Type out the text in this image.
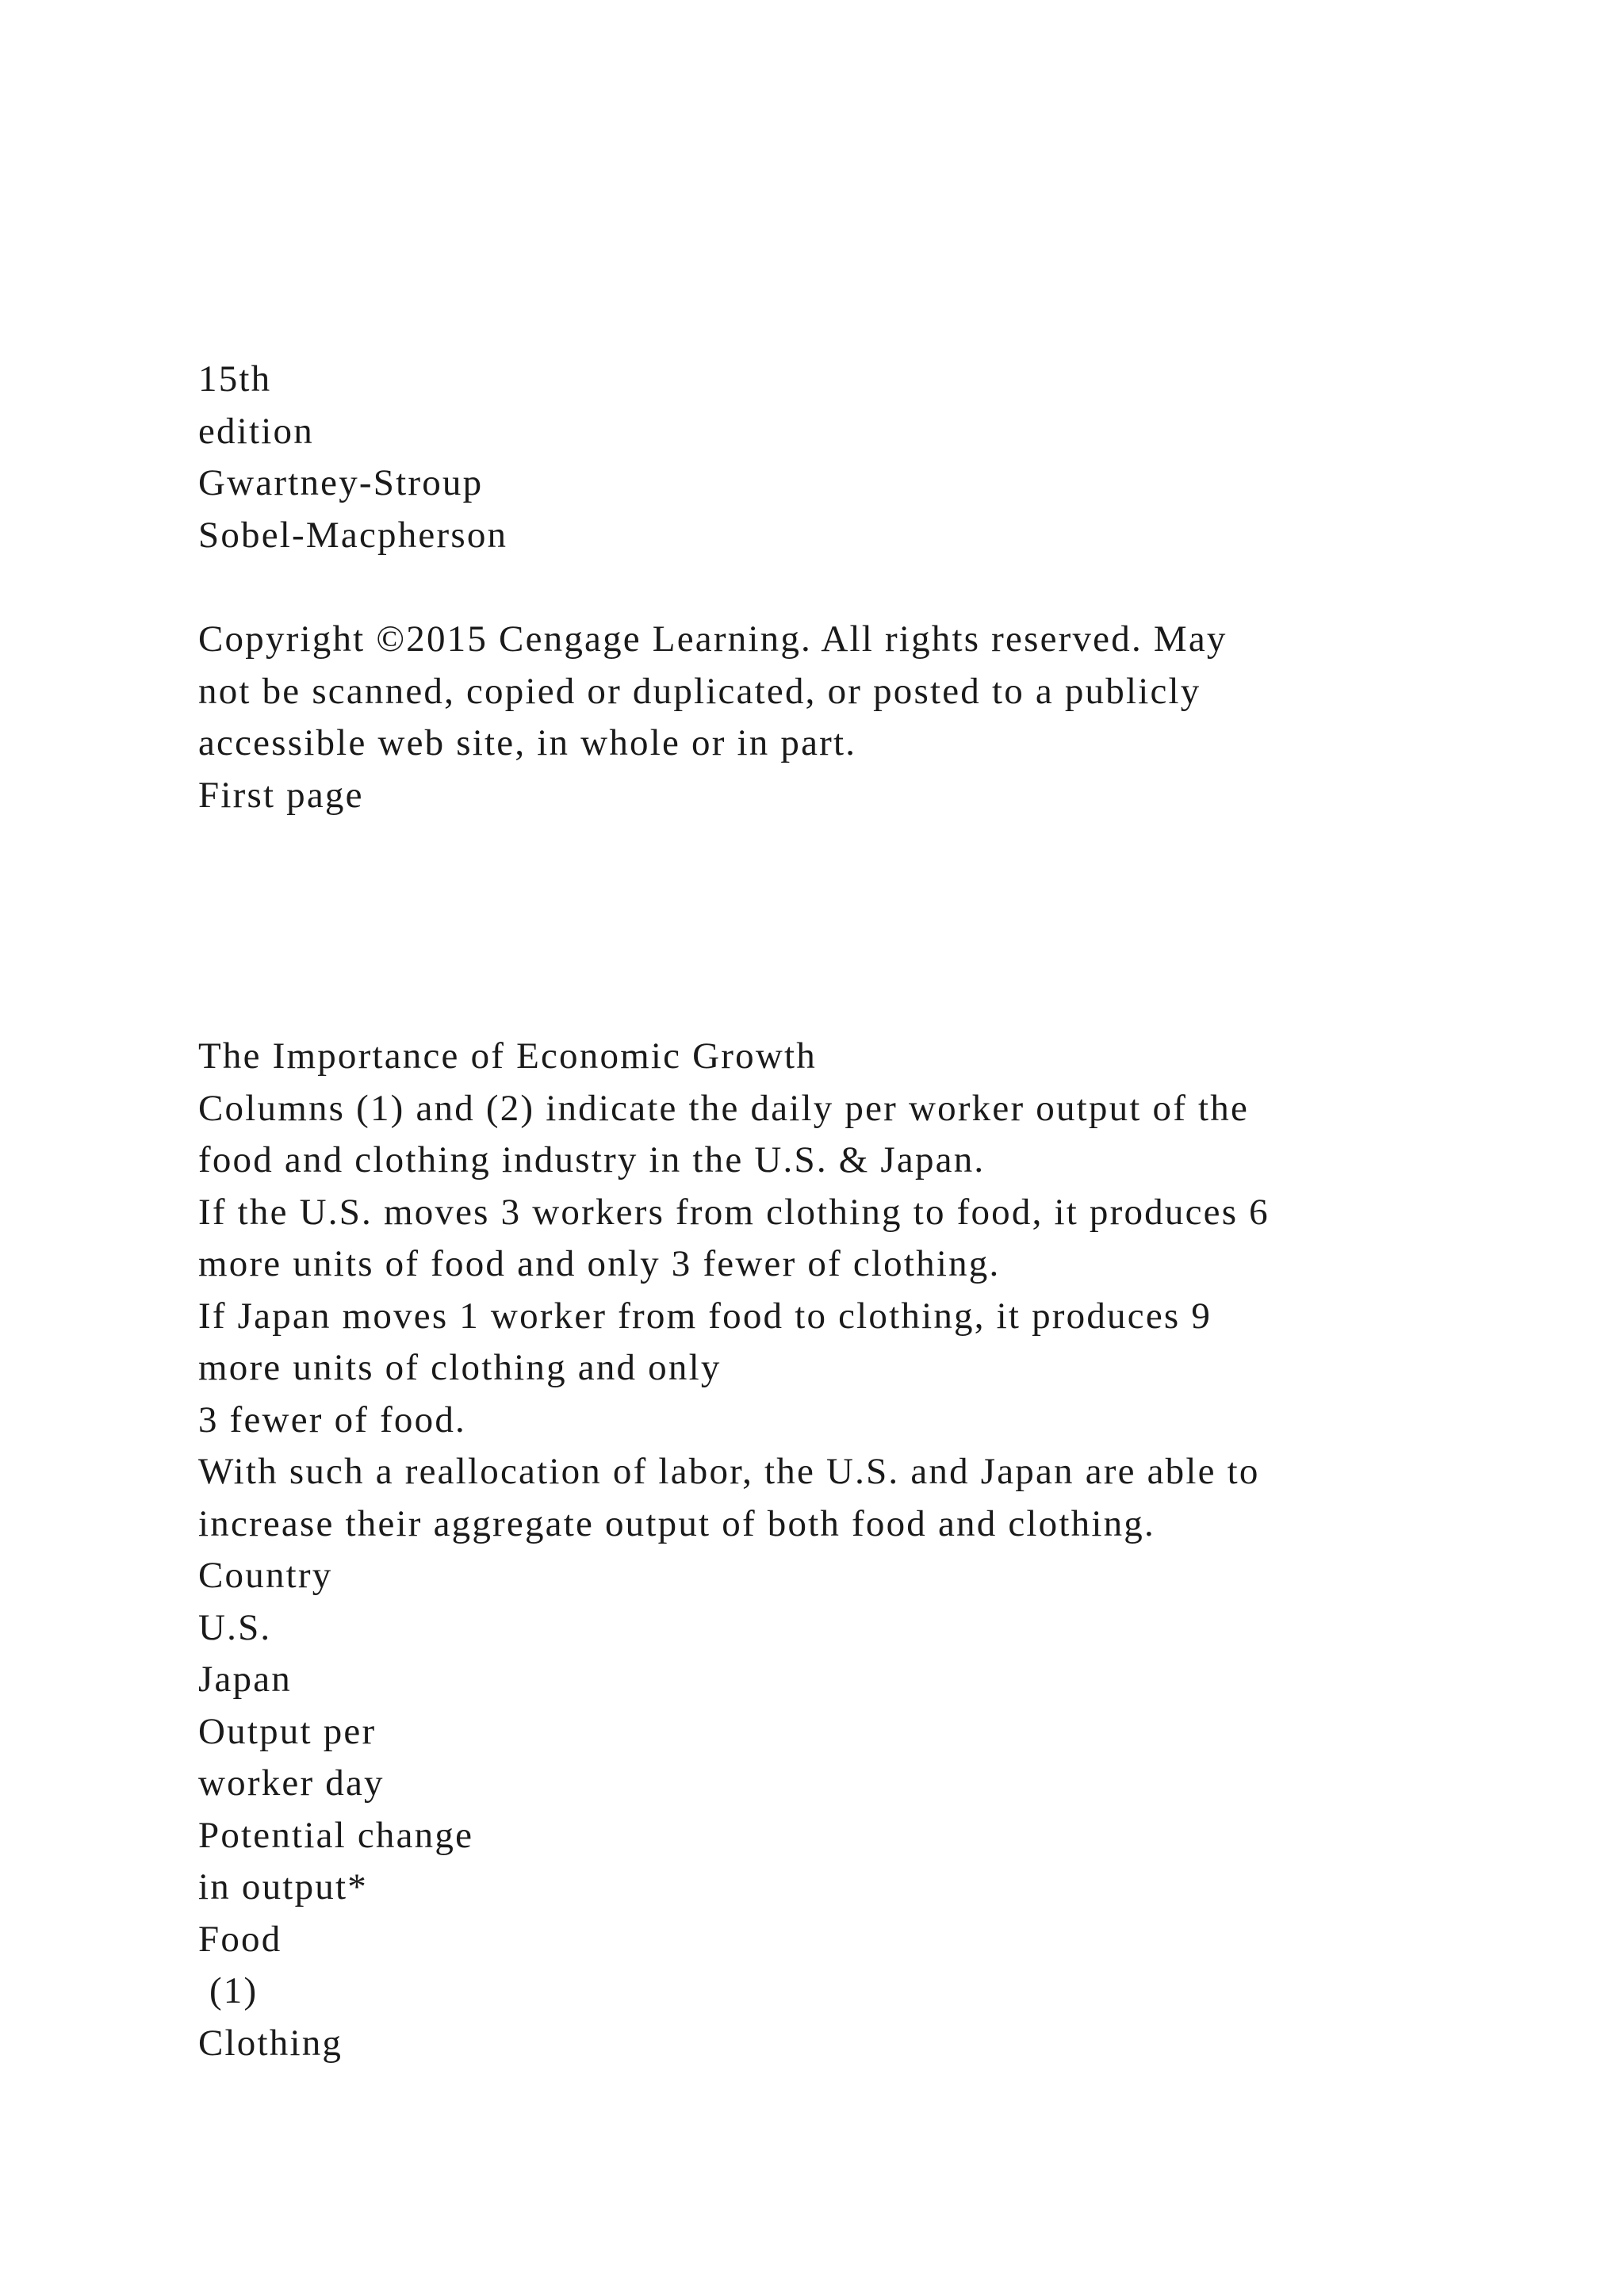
15th
edition
Gwartney-Stroup
Sobel-Macpherson
Copyright ©2015 Cengage Learning. All rights reserved. May
not be scanned, copied or duplicated, or posted to a publicly
accessible web site, in whole or in part.
First page
The Importance of Economic Growth
Columns (1) and (2) indicate the daily per worker output of the
food and clothing industry in the U.S. & Japan.
If the U.S. moves 3 workers from clothing to food, it produces 6
more units of food and only 3 fewer of clothing.
If Japan moves 1 worker from food to clothing, it produces 9
more units of clothing and only
3 fewer of food.
With such a reallocation of labor, the U.S. and Japan are able to
increase their aggregate output of both food and clothing.
Country
U.S.
Japan
Output per
worker day
Potential change
in output*
Food
(1)
Clothing
